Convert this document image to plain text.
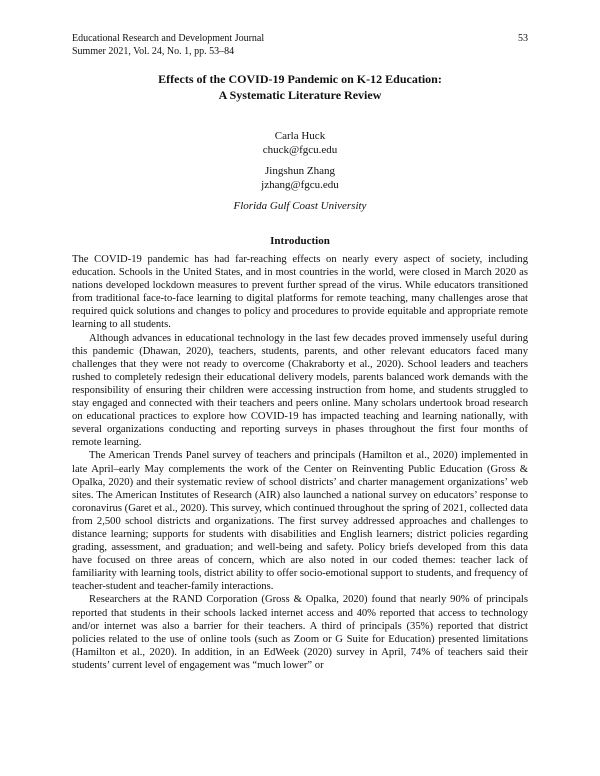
Educational Research and Development Journal
Summer 2021, Vol. 24, No. 1, pp. 53–84
53
Effects of the COVID-19 Pandemic on K-12 Education:
A Systematic Literature Review
Carla Huck
chuck@fgcu.edu
Jingshun Zhang
jzhang@fgcu.edu
Florida Gulf Coast University
Introduction

The COVID-19 pandemic has had far-reaching effects on nearly every aspect of society, including education. Schools in the United States, and in most countries in the world, were closed in March 2020 as nations developed lockdown measures to prevent further spread of the virus. While educators transitioned from traditional face-to-face learning to digital platforms for remote teaching, many challenges arose that required quick solutions and changes to policy and procedures to provide equitable and appropriate remote learning to all students.

Although advances in educational technology in the last few decades proved immensely useful during this pandemic (Dhawan, 2020), teachers, students, parents, and other relevant educators faced many challenges that they were not ready to overcome (Chakraborty et al., 2020). School leaders and teachers rushed to completely redesign their educational delivery models, parents balanced work demands with the responsibility of ensuring their children were accessing instruction from home, and students struggled to stay engaged and connected with their teachers and peers online. Many scholars undertook broad research on educational practices to explore how COVID-19 has impacted teaching and learning nationally, with several organizations conducting and reporting surveys in phases throughout the first four months of remote learning.

The American Trends Panel survey of teachers and principals (Hamilton et al., 2020) implemented in late April–early May complements the work of the Center on Reinventing Public Education (Gross & Opalka, 2020) and their systematic review of school districts’ and charter management organizations’ web sites. The American Institutes of Research (AIR) also launched a national survey on educators’ response to coronavirus (Garet et al., 2020). This survey, which continued throughout the spring of 2021, collected data from 2,500 school districts and organizations. The first survey addressed approaches and challenges to distance learning; supports for students with disabilities and English learners; district policies regarding grading, assessment, and graduation; and well-being and safety. Policy briefs developed from this data have focused on three areas of concern, which are also noted in our coded themes: teacher lack of familiarity with learning tools, district ability to offer socio-emotional support to students, and frequency of teacher-student and teacher-family interactions.

Researchers at the RAND Corporation (Gross & Opalka, 2020) found that nearly 90% of principals reported that students in their schools lacked internet access and 40% reported that access to technology and/or internet was also a barrier for their teachers. A third of principals (35%) reported that district policies related to the use of online tools (such as Zoom or G Suite for Education) presented limitations (Hamilton et al., 2020). In addition, in an EdWeek (2020) survey in April, 74% of teachers said their students’ current level of engagement was “much lower” or
